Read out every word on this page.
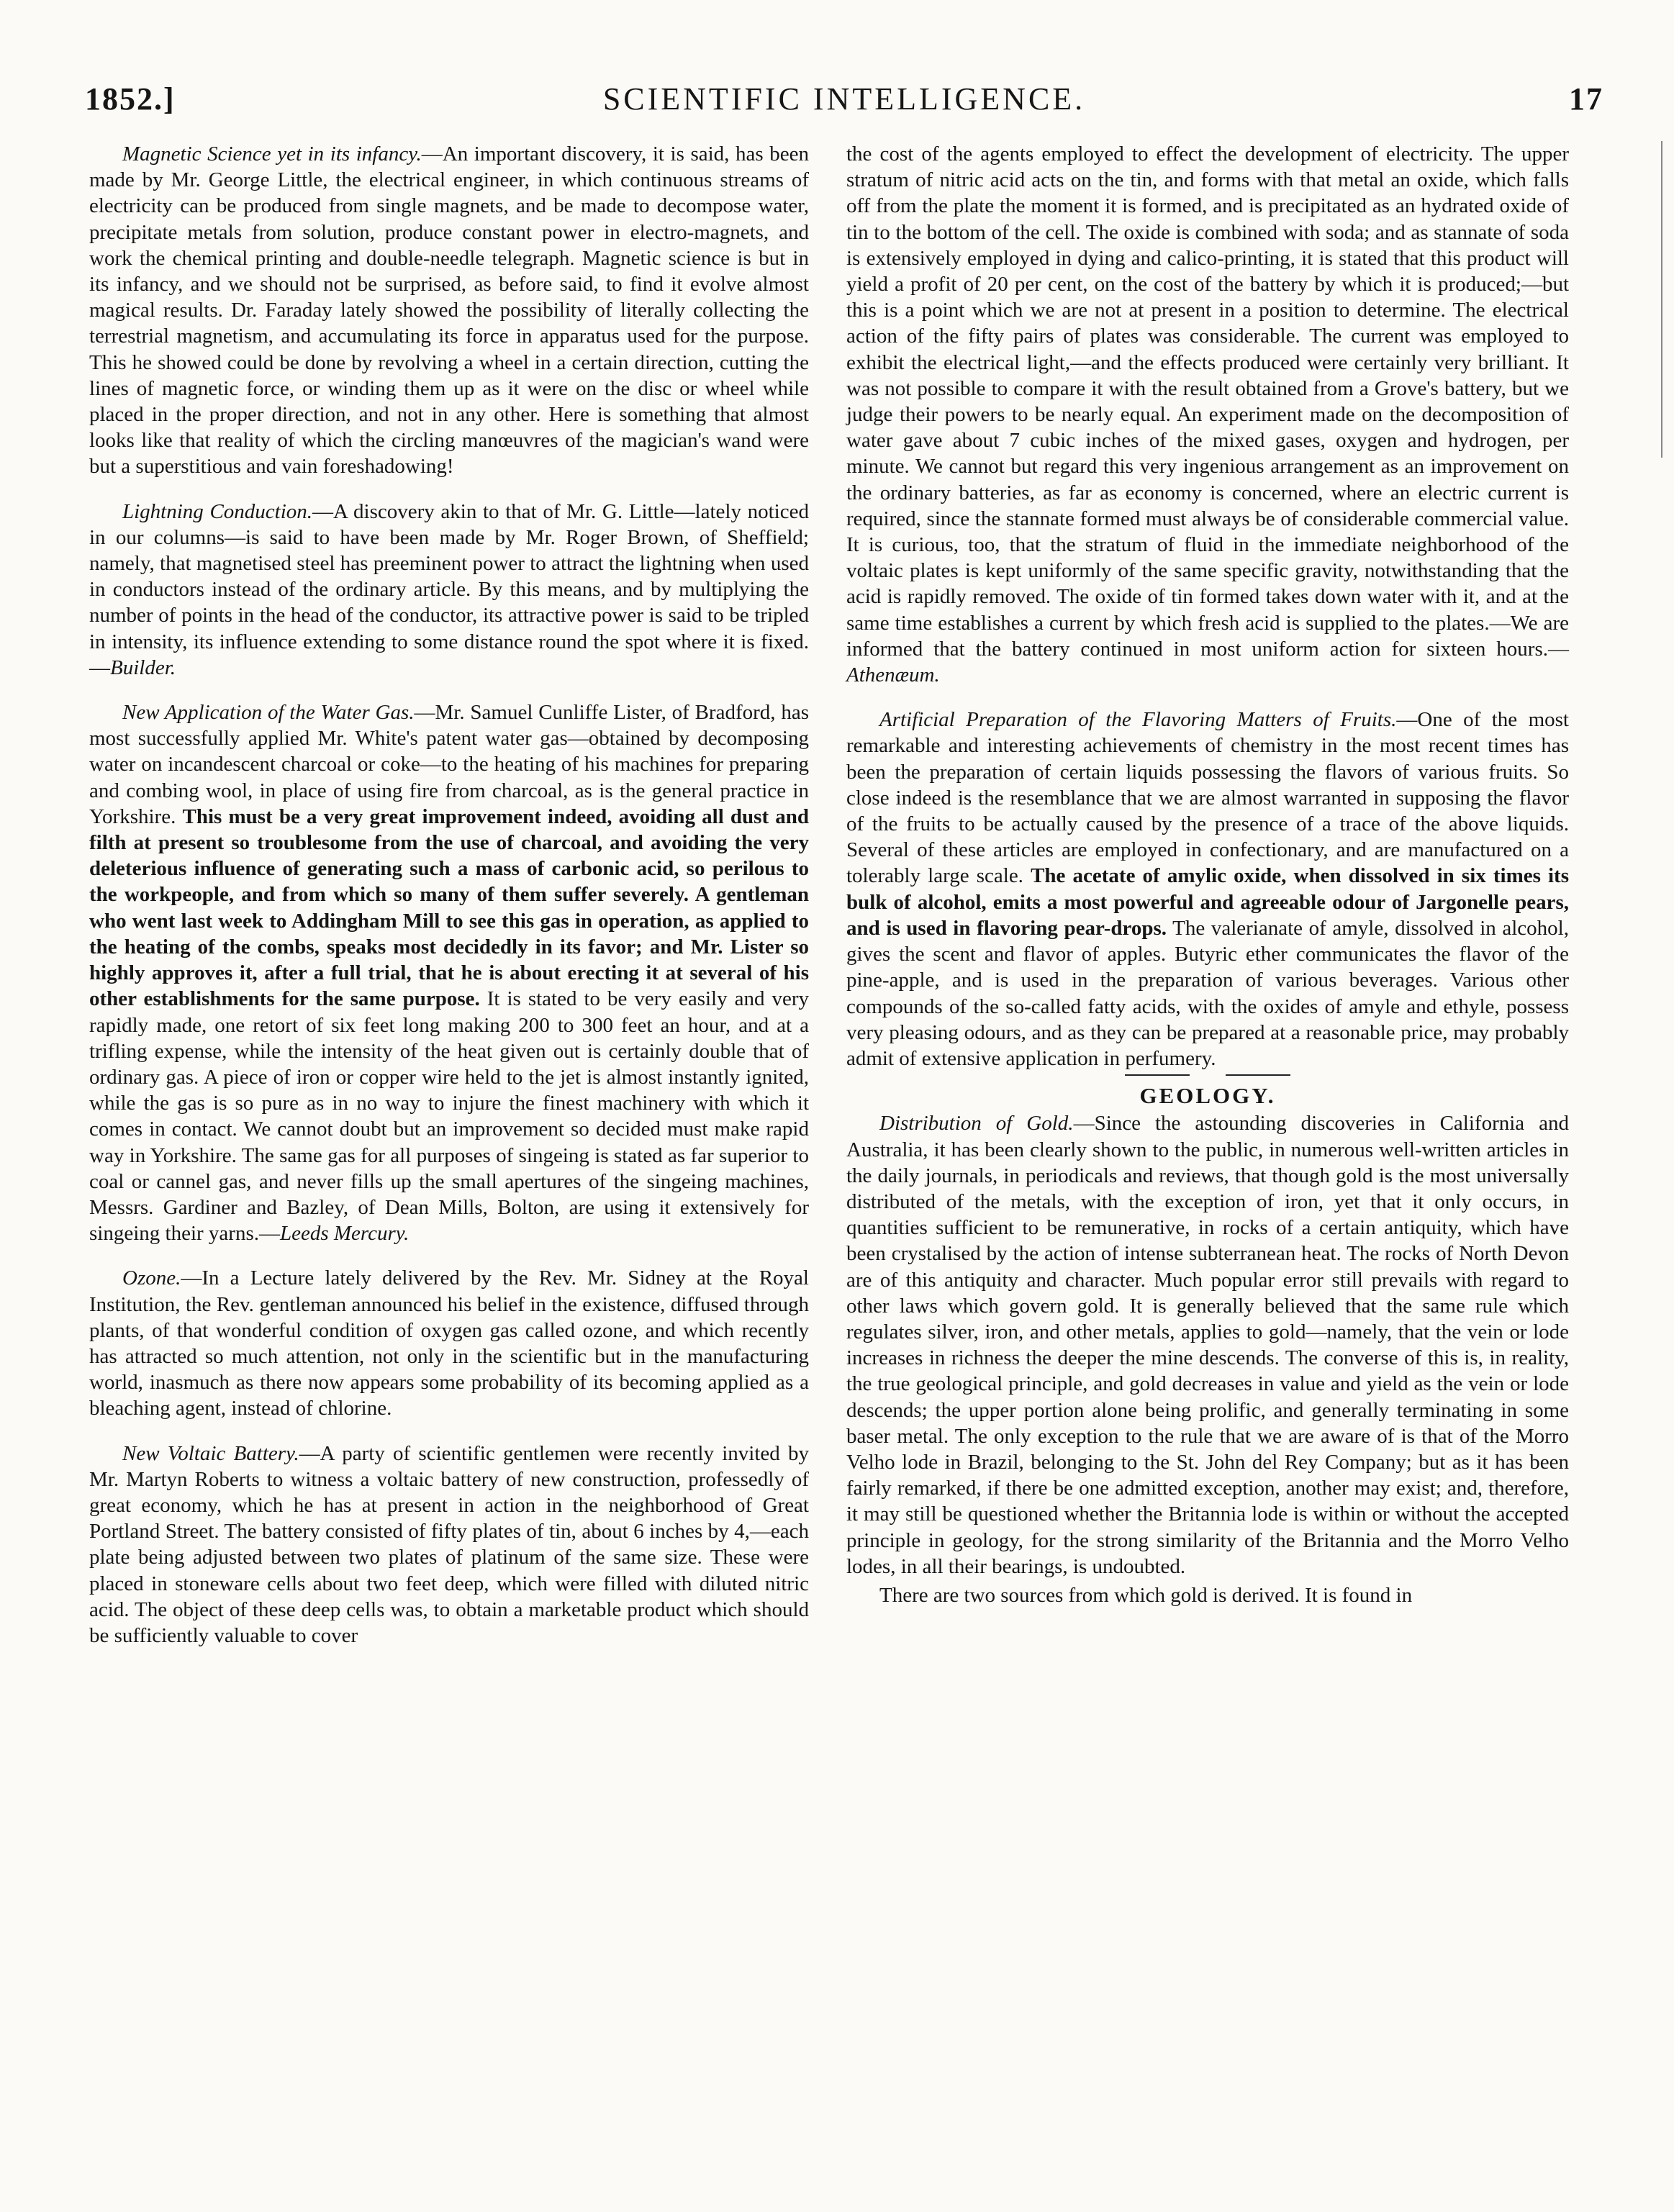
1852.]	SCIENTIFIC INTELLIGENCE.	17

Magnetic Science yet in its infancy.—An important discovery, it is said, has been made by Mr. George Little, the electrical engineer, in which continuous streams of electricity can be produced from single magnets, and be made to decompose water, precipitate metals from solution, produce constant power in electro-magnets, and work the chemical printing and double-needle telegraph. Magnetic science is but in its infancy, and we should not be surprised, as before said, to find it evolve almost magical results. Dr. Faraday lately showed the possibility of literally collecting the terrestrial magnetism, and accumulating its force in apparatus used for the purpose. This he showed could be done by revolving a wheel in a certain direction, cutting the lines of magnetic force, or winding them up as it were on the disc or wheel while placed in the proper direction, and not in any other. Here is something that almost looks like that reality of which the circling manœuvres of the magician's wand were but a superstitious and vain foreshadowing!

Lightning Conduction.—A discovery akin to that of Mr. G. Little—lately noticed in our columns—is said to have been made by Mr. Roger Brown, of Sheffield; namely, that magnetised steel has preeminent power to attract the lightning when used in conductors instead of the ordinary article. By this means, and by multiplying the number of points in the head of the conductor, its attractive power is said to be tripled in intensity, its influence extending to some distance round the spot where it is fixed.—Builder.

New Application of the Water Gas.—Mr. Samuel Cunliffe Lister, of Bradford, has most successfully applied Mr. White's patent water gas—obtained by decomposing water on incandescent charcoal or coke—to the heating of his machines for preparing and combing wool, in place of using fire from charcoal, as is the general practice in Yorkshire. This must be a very great improvement indeed, avoiding all dust and filth at present so troublesome from the use of charcoal, and avoiding the very deleterious influence of generating such a mass of carbonic acid, so perilous to the workpeople, and from which so many of them suffer severely. A gentleman who went last week to Addingham Mill to see this gas in operation, as applied to the heating of the combs, speaks most decidedly in its favor; and Mr. Lister so highly approves it, after a full trial, that he is about erecting it at several of his other establishments for the same purpose. It is stated to be very easily and very rapidly made, one retort of six feet long making 200 to 300 feet an hour, and at a trifling expense, while the intensity of the heat given out is certainly double that of ordinary gas. A piece of iron or copper wire held to the jet is almost instantly ignited, while the gas is so pure as in no way to injure the finest machinery with which it comes in contact. We cannot doubt but an improvement so decided must make rapid way in Yorkshire. The same gas for all purposes of singeing is stated as far superior to coal or cannel gas, and never fills up the small apertures of the singeing machines, Messrs. Gardiner and Bazley, of Dean Mills, Bolton, are using it extensively for singeing their yarns.—Leeds Mercury.

Ozone.—In a Lecture lately delivered by the Rev. Mr. Sidney at the Royal Institution, the Rev. gentleman announced his belief in the existence, diffused through plants, of that wonderful condition of oxygen gas called ozone, and which recently has attracted so much attention, not only in the scientific but in the manufacturing world, inasmuch as there now appears some probability of its becoming applied as a bleaching agent, instead of chlorine.

New Voltaic Battery.—A party of scientific gentlemen were recently invited by Mr. Martyn Roberts to witness a voltaic battery of new construction, professedly of great economy, which he has at present in action in the neighborhood of Great Portland Street. The battery consisted of fifty plates of tin, about 6 inches by 4,—each plate being adjusted between two plates of platinum of the same size. These were placed in stoneware cells about two feet deep, which were filled with diluted nitric acid. The object of these deep cells was, to obtain a marketable product which should be sufficiently valuable to cover

the cost of the agents employed to effect the development of electricity. The upper stratum of nitric acid acts on the tin, and forms with that metal an oxide, which falls off from the plate the moment it is formed, and is precipitated as an hydrated oxide of tin to the bottom of the cell. The oxide is combined with soda; and as stannate of soda is extensively employed in dying and calico-printing, it is stated that this product will yield a profit of 20 per cent, on the cost of the battery by which it is produced;—but this is a point which we are not at present in a position to determine. The electrical action of the fifty pairs of plates was considerable. The current was employed to exhibit the electrical light,—and the effects produced were certainly very brilliant. It was not possible to compare it with the result obtained from a Grove's battery, but we judge their powers to be nearly equal. An experiment made on the decomposition of water gave about 7 cubic inches of the mixed gases, oxygen and hydrogen, per minute. We cannot but regard this very ingenious arrangement as an improvement on the ordinary batteries, as far as economy is concerned, where an electric current is required, since the stannate formed must always be of considerable commercial value. It is curious, too, that the stratum of fluid in the immediate neighborhood of the voltaic plates is kept uniformly of the same specific gravity, notwithstanding that the acid is rapidly removed. The oxide of tin formed takes down water with it, and at the same time establishes a current by which fresh acid is supplied to the plates.—We are informed that the battery continued in most uniform action for sixteen hours.—Athenæum.

Artificial Preparation of the Flavoring Matters of Fruits.—One of the most remarkable and interesting achievements of chemistry in the most recent times has been the preparation of certain liquids possessing the flavors of various fruits. So close indeed is the resemblance that we are almost warranted in supposing the flavor of the fruits to be actually caused by the presence of a trace of the above liquids. Several of these articles are employed in confectionary, and are manufactured on a tolerably large scale. The acetate of amylic oxide, when dissolved in six times its bulk of alcohol, emits a most powerful and agreeable odour of Jargonelle pears, and is used in flavoring pear-drops. The valerianate of amyle, dissolved in alcohol, gives the scent and flavor of apples. Butyric ether communicates the flavor of the pine-apple, and is used in the preparation of various beverages. Various other compounds of the so-called fatty acids, with the oxides of amyle and ethyle, possess very pleasing odours, and as they can be prepared at a reasonable price, may probably admit of extensive application in perfumery.

GEOLOGY.

Distribution of Gold.—Since the astounding discoveries in California and Australia, it has been clearly shown to the public, in numerous well-written articles in the daily journals, in periodicals and reviews, that though gold is the most universally distributed of the metals, with the exception of iron, yet that it only occurs, in quantities sufficient to be remunerative, in rocks of a certain antiquity, which have been crystalised by the action of intense subterranean heat. The rocks of North Devon are of this antiquity and character. Much popular error still prevails with regard to other laws which govern gold. It is generally believed that the same rule which regulates silver, iron, and other metals, applies to gold—namely, that the vein or lode increases in richness the deeper the mine descends. The converse of this is, in reality, the true geological principle, and gold decreases in value and yield as the vein or lode descends; the upper portion alone being prolific, and generally terminating in some baser metal. The only exception to the rule that we are aware of is that of the Morro Velho lode in Brazil, belonging to the St. John del Rey Company; but as it has been fairly remarked, if there be one admitted exception, another may exist; and, therefore, it may still be questioned whether the Britannia lode is within or without the accepted principle in geology, for the strong similarity of the Britannia and the Morro Velho lodes, in all their bearings, is undoubted.

There are two sources from which gold is derived. It is found in
